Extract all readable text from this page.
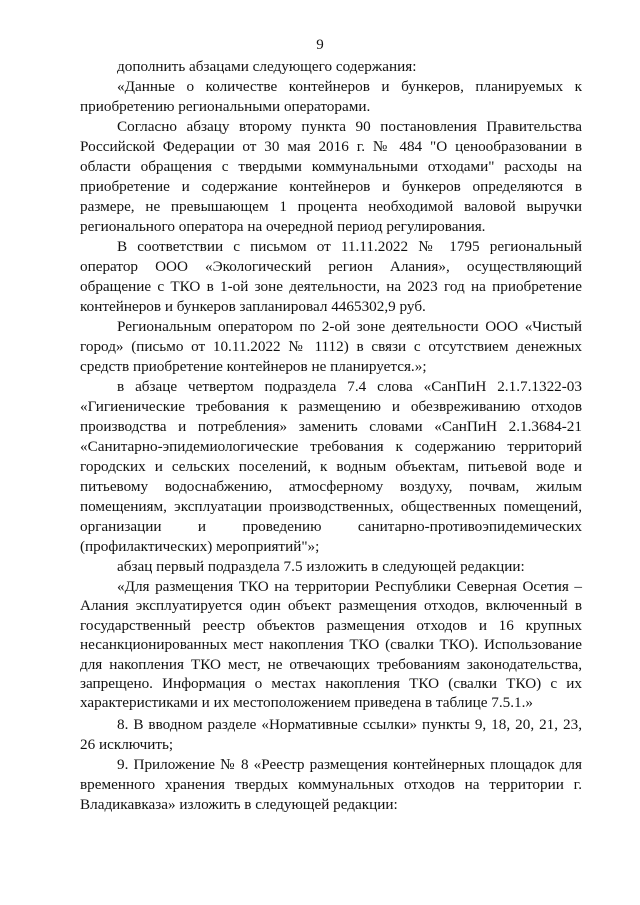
9

дополнить абзацами следующего содержания:

«Данные о количестве контейнеров и бункеров, планируемых к приобретению региональными операторами.

Согласно абзацу второму пункта 90 постановления Правительства Российской Федерации от 30 мая 2016 г. № 484 "О ценообразовании в области обращения с твердыми коммунальными отходами" расходы на приобретение и содержание контейнеров и бункеров определяются в размере, не превышающем 1 процента необходимой валовой выручки регионального оператора на очередной период регулирования.

В соответствии с письмом от 11.11.2022 № 1795 региональный оператор ООО «Экологический регион Алания», осуществляющий обращение с ТКО в 1-ой зоне деятельности, на 2023 год на приобретение контейнеров и бункеров запланировал 4465302,9 руб.

Региональным оператором по 2-ой зоне деятельности ООО «Чистый город» (письмо от 10.11.2022 № 1112) в связи с отсутствием денежных средств приобретение контейнеров не планируется.»;

в абзаце четвертом подраздела 7.4 слова «СанПиН 2.1.7.1322-03 «Гигиенические требования к размещению и обезвреживанию отходов производства и потребления» заменить словами «СанПиН 2.1.3684-21 «Санитарно-эпидемиологические требования к содержанию территорий городских и сельских поселений, к водным объектам, питьевой воде и питьевому водоснабжению, атмосферному воздуху, почвам, жилым помещениям, эксплуатации производственных, общественных помещений, организации и проведению санитарно-противоэпидемических (профилактических) мероприятий"»;

абзац первый подраздела 7.5 изложить в следующей редакции:

«Для размещения ТКО на территории Республики Северная Осетия – Алания эксплуатируется один объект размещения отходов, включенный в государственный реестр объектов размещения отходов и 16 крупных несанкционированных мест накопления ТКО (свалки ТКО). Использование для накопления ТКО мест, не отвечающих требованиям законодательства, запрещено. Информация о местах накопления ТКО (свалки ТКО) с их характеристиками и их местоположением приведена в таблице 7.5.1.»

8. В вводном разделе «Нормативные ссылки» пункты 9, 18, 20, 21, 23, 26 исключить;

9. Приложение № 8 «Реестр размещения контейнерных площадок для временного хранения твердых коммунальных отходов на территории г. Владикавказа» изложить в следующей редакции:
